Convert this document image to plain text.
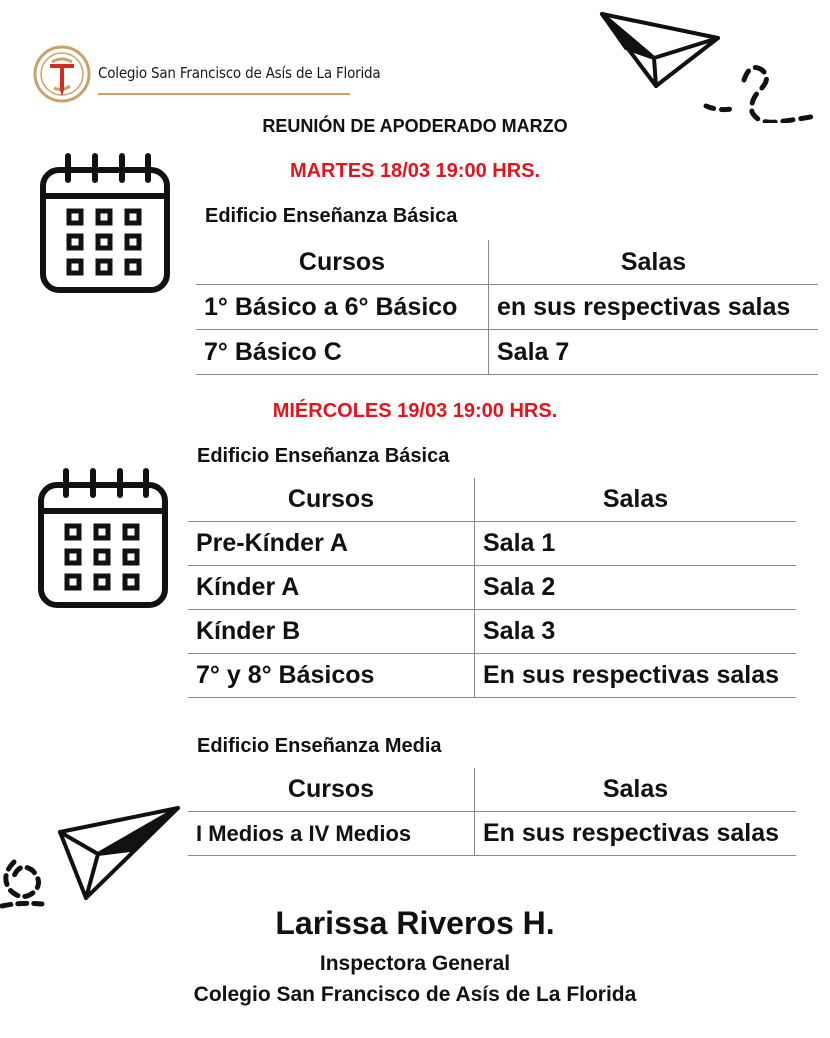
Colegio San Francisco de Asís de La Florida
REUNIÓN DE APODERADO MARZO
MARTES 18/03 19:00 HRS.
Edificio Enseñanza Básica
Cursos	Salas
1° Básico a 6° Básico	en sus respectivas salas
7° Básico C	Sala 7
MIÉRCOLES 19/03 19:00 HRS.
Edificio Enseñanza Básica
Cursos	Salas
Pre-Kínder A	Sala 1
Kínder A	Sala 2
Kínder B	Sala 3
7° y 8° Básicos	En sus respectivas salas
Edificio Enseñanza Media
Cursos	Salas
I Medios a IV Medios	En sus respectivas salas
Larissa Riveros H.
Inspectora General
Colegio San Francisco de Asís de La Florida
